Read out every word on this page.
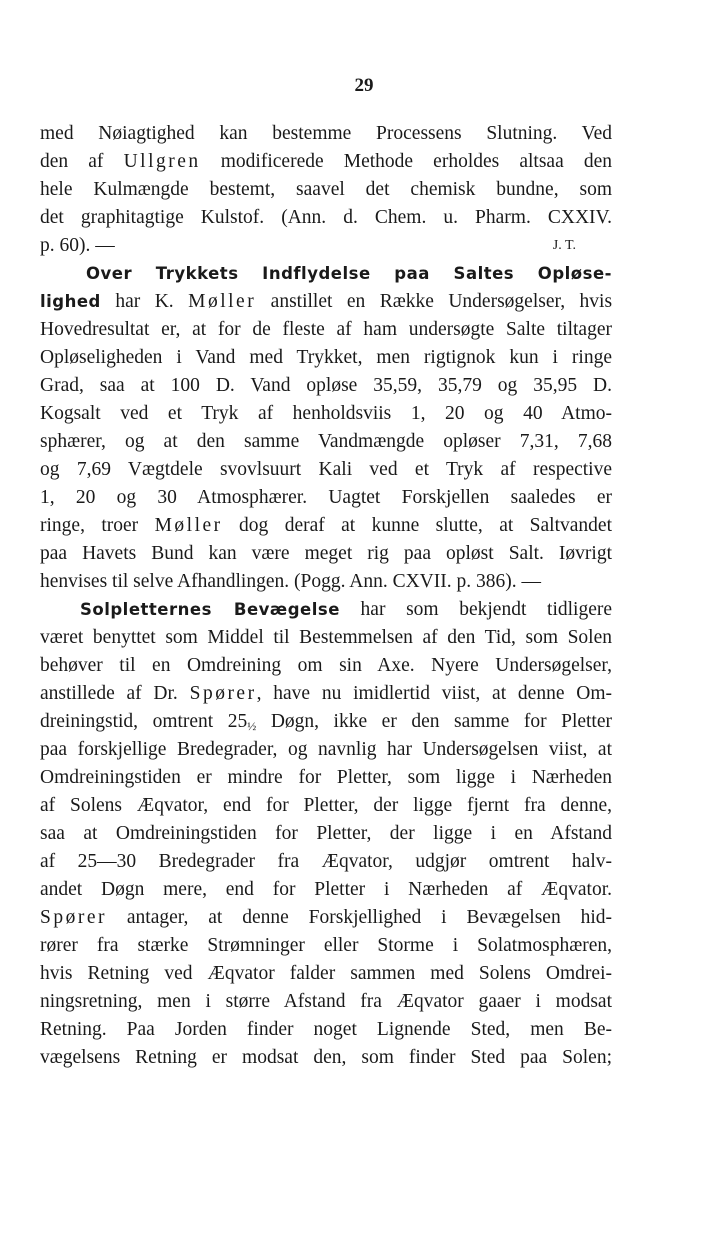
29
med Nøiagtighed kan bestemme Processens Slutning. Ved
den af Ullgren modificerede Methode erholdes altsaa den
hele Kulmængde bestemt, saavel det chemisk bundne, som
det graphitagtige Kulstof. (Ann. d. Chem. u. Pharm. CXXIV.
p. 60). —	J. T.
Over Trykkets Indflydelse paa Saltes Opløse-
lighed har K. Møller anstillet en Række Undersøgelser, hvis
Hovedresultat er, at for de fleste af ham undersøgte Salte tiltager
Opløseligheden i Vand med Trykket, men rigtignok kun i ringe
Grad, saa at 100 D. Vand opløse 35,59, 35,79 og 35,95 D.
Kogsalt ved et Tryk af henholdsviis 1, 20 og 40 Atmo-
sphærer, og at den samme Vandmængde opløser 7,31, 7,68
og 7,69 Vægtdele svovlsuurt Kali ved et Tryk af respective
1, 20 og 30 Atmosphærer. Uagtet Forskjellen saaledes er
ringe, troer Møller dog deraf at kunne slutte, at Saltvandet
paa Havets Bund kan være meget rig paa opløst Salt. Iøvrigt
henvises til selve Afhandlingen. (Pogg. Ann. CXVII. p. 386). —
Solpletternes Bevægelse har som bekjendt tidligere
været benyttet som Middel til Bestemmelsen af den Tid, som Solen
behøver til en Omdreining om sin Axe. Nyere Undersøgelser,
anstillede af Dr. Spører, have nu imidlertid viist, at denne Om-
dreiningstid, omtrent 25½ Døgn, ikke er den samme for Pletter
paa forskjellige Bredegrader, og navnlig har Undersøgelsen viist, at
Omdreiningstiden er mindre for Pletter, som ligge i Nærheden
af Solens Æqvator, end for Pletter, der ligge fjernt fra denne,
saa at Omdreiningstiden for Pletter, der ligge i en Afstand
af 25—30 Bredegrader fra Æqvator, udgjør omtrent halv-
andet Døgn mere, end for Pletter i Nærheden af Æqvator.
Spører antager, at denne Forskjellighed i Bevægelsen hid-
rører fra stærke Strømninger eller Storme i Solatmosphæren,
hvis Retning ved Æqvator falder sammen med Solens Omdrei-
ningsretning, men i større Afstand fra Æqvator gaaer i modsat
Retning. Paa Jorden finder noget Lignende Sted, men Be-
vægelsens Retning er modsat den, som finder Sted paa Solen;
